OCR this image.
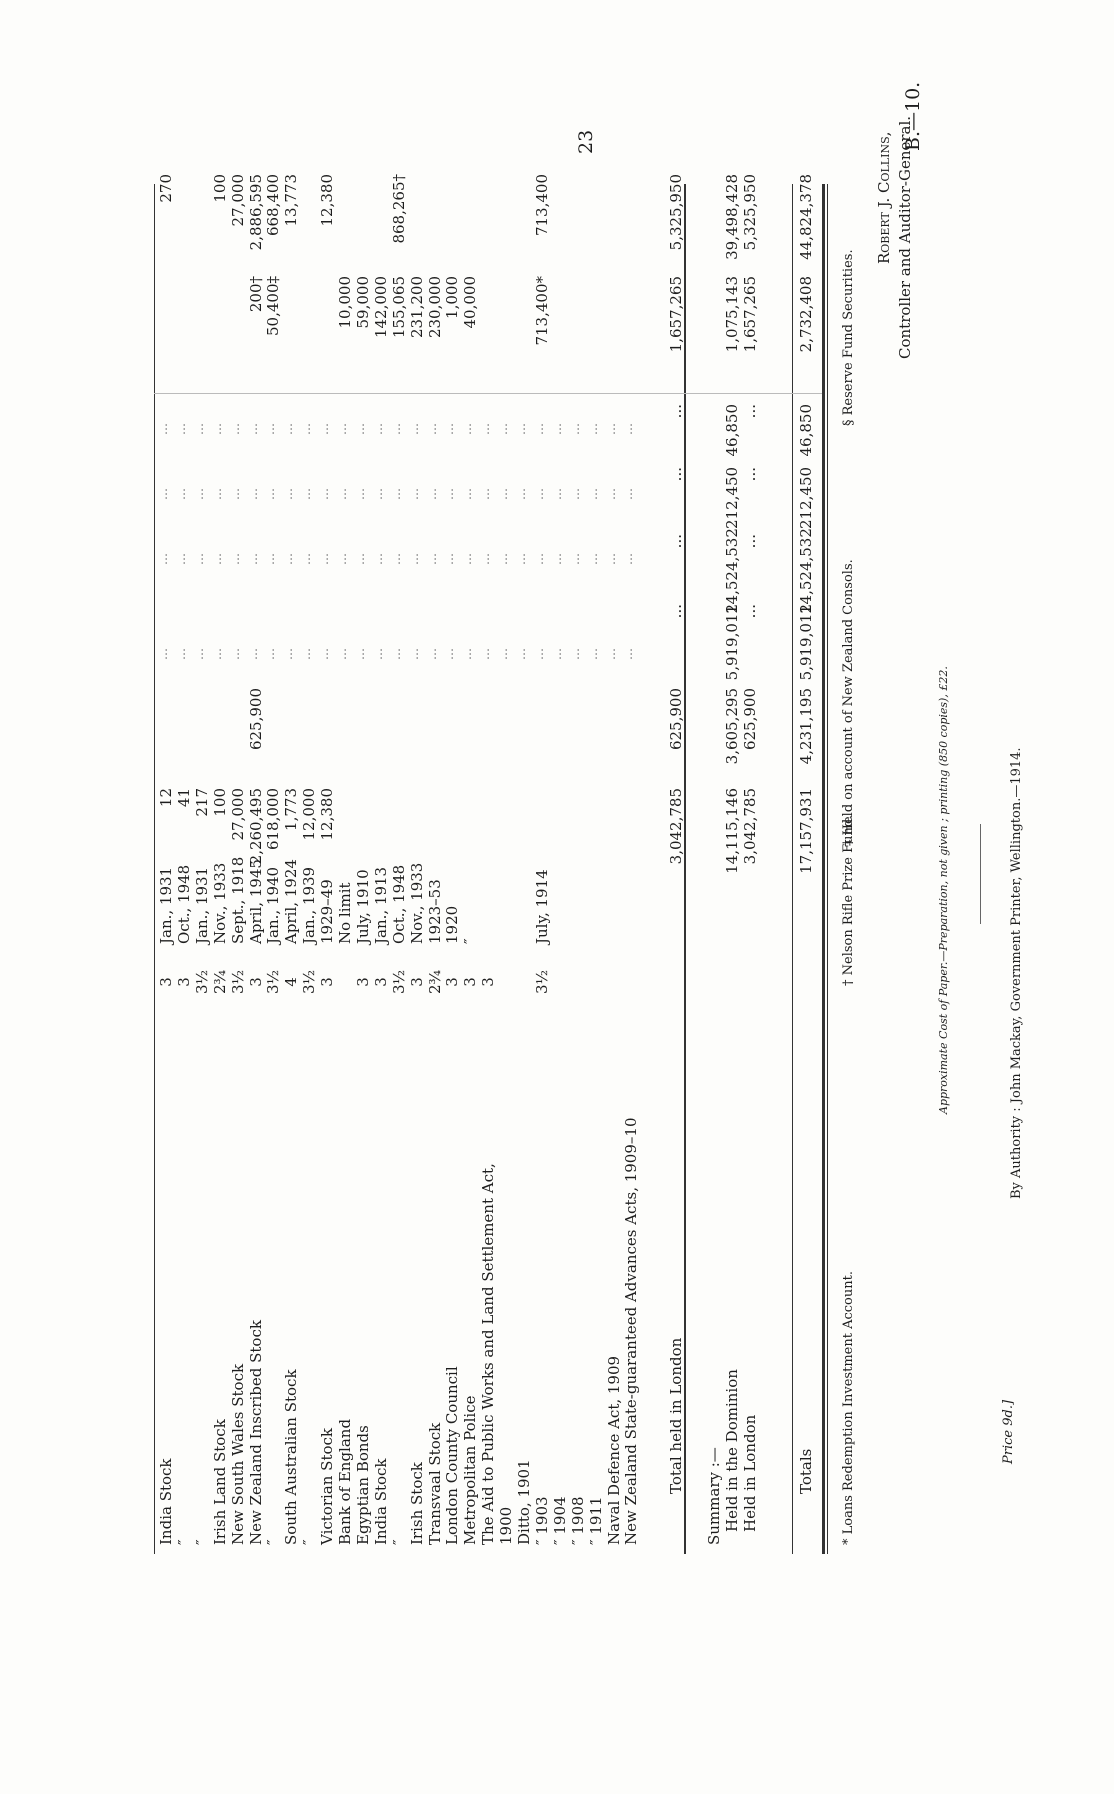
23	B.—10.
India Stock
3
Jan., 1931
12
270
″
3
Oct., 1948
41
″
3½
Jan., 1931
217
Irish Land Stock
2¾
Nov., 1933
100
100
New South Wales Stock
3½
Sept., 1918
27,000
27,000
New Zealand Inscribed Stock
3
April, 1945
2,260,495
625,900
200†
2,886,595
″
3½
Jan., 1940
618,000
50,400‡
668,400
South Australian Stock
4
April, 1924
1,773
13,773
″
3½
Jan., 1939
12,000
Victorian Stock
3
1929–49
12,380
12,380
Bank of England
No limit
10,000
Egyptian Bonds
3
July, 1910
59,000
India Stock
3
Jan., 1913
142,000
″
3½
Oct., 1948
155,065
868,265†
Irish Stock
3
Nov., 1933
231,200
Transvaal Stock
2¾
1923–53
230,000
London County Council
3
1920
1,000
Metropolitan Police
3
″
40,000
The Aid to Public Works and Land Settlement Act,
3
1900 Ditto, 1901 ″ 1903
3½
July, 1914
713,400*
713,400
″ 1904 ″ 1908 ″ 1911 Naval Defence Act, 1909 New Zealand State-guaranteed Advances Acts, 1909–10
⋯
⋯
⋯
⋯
⋯
⋯
⋯
⋯
⋯
⋯
⋯
⋯
⋯
⋯
⋯
⋯
⋯
⋯
⋯
⋯
⋯
⋯
⋯
⋯
⋯
⋯
⋯
⋯
⋯
⋯
⋯
⋯
⋯
⋯
⋯
⋯
⋯
⋯
⋯
⋯
⋯
⋯
⋯
⋯
⋯
⋯
⋯
⋯
⋯
⋯
⋯
⋯
⋯
⋯
⋯
⋯
⋯
⋯
⋯
⋯
⋯
⋯
⋯
⋯
⋯
⋯
⋯
⋯
⋯
⋯
⋯
⋯
⋯
⋯
⋯
⋯
⋯
⋯
⋯
⋯
⋯
⋯
⋯
⋯
⋯
⋯
⋯
⋯
⋯
⋯
⋯
⋯
⋯
⋯
⋯
⋯
⋯
⋯
⋯
⋯
⋯
⋯
⋯
⋯
⋯
⋯
⋯
⋯
Total held in London
3,042,785
625,900
...
...
...
...
1,657,265
5,325,950
Summary :— Held in the Dominion
14,115,146
3,605,295
5,919,012
14,524,532
212,450
46,850
1,075,143
39,498,428
Held in London
3,042,785
625,900
...
...
...
...
1,657,265
5,325,950
Totals
17,157,931
4,231,195
5,919,012
14,524,532
212,450
46,850
2,732,408
44,824,378
* Loans Redemption Investment Account.
† Nelson Rifle Prize Fund.
‡ Held on account of New Zealand Consols.
§ Reserve Fund Securities.
Robert J. Collins, Controller and Auditor-General.
Approximate Cost of Paper.—Preparation, not given ; printing (850 copies), £22.	By Authority : John Mackay, Government Printer, Wellington.—1914.
Price 9d.]
